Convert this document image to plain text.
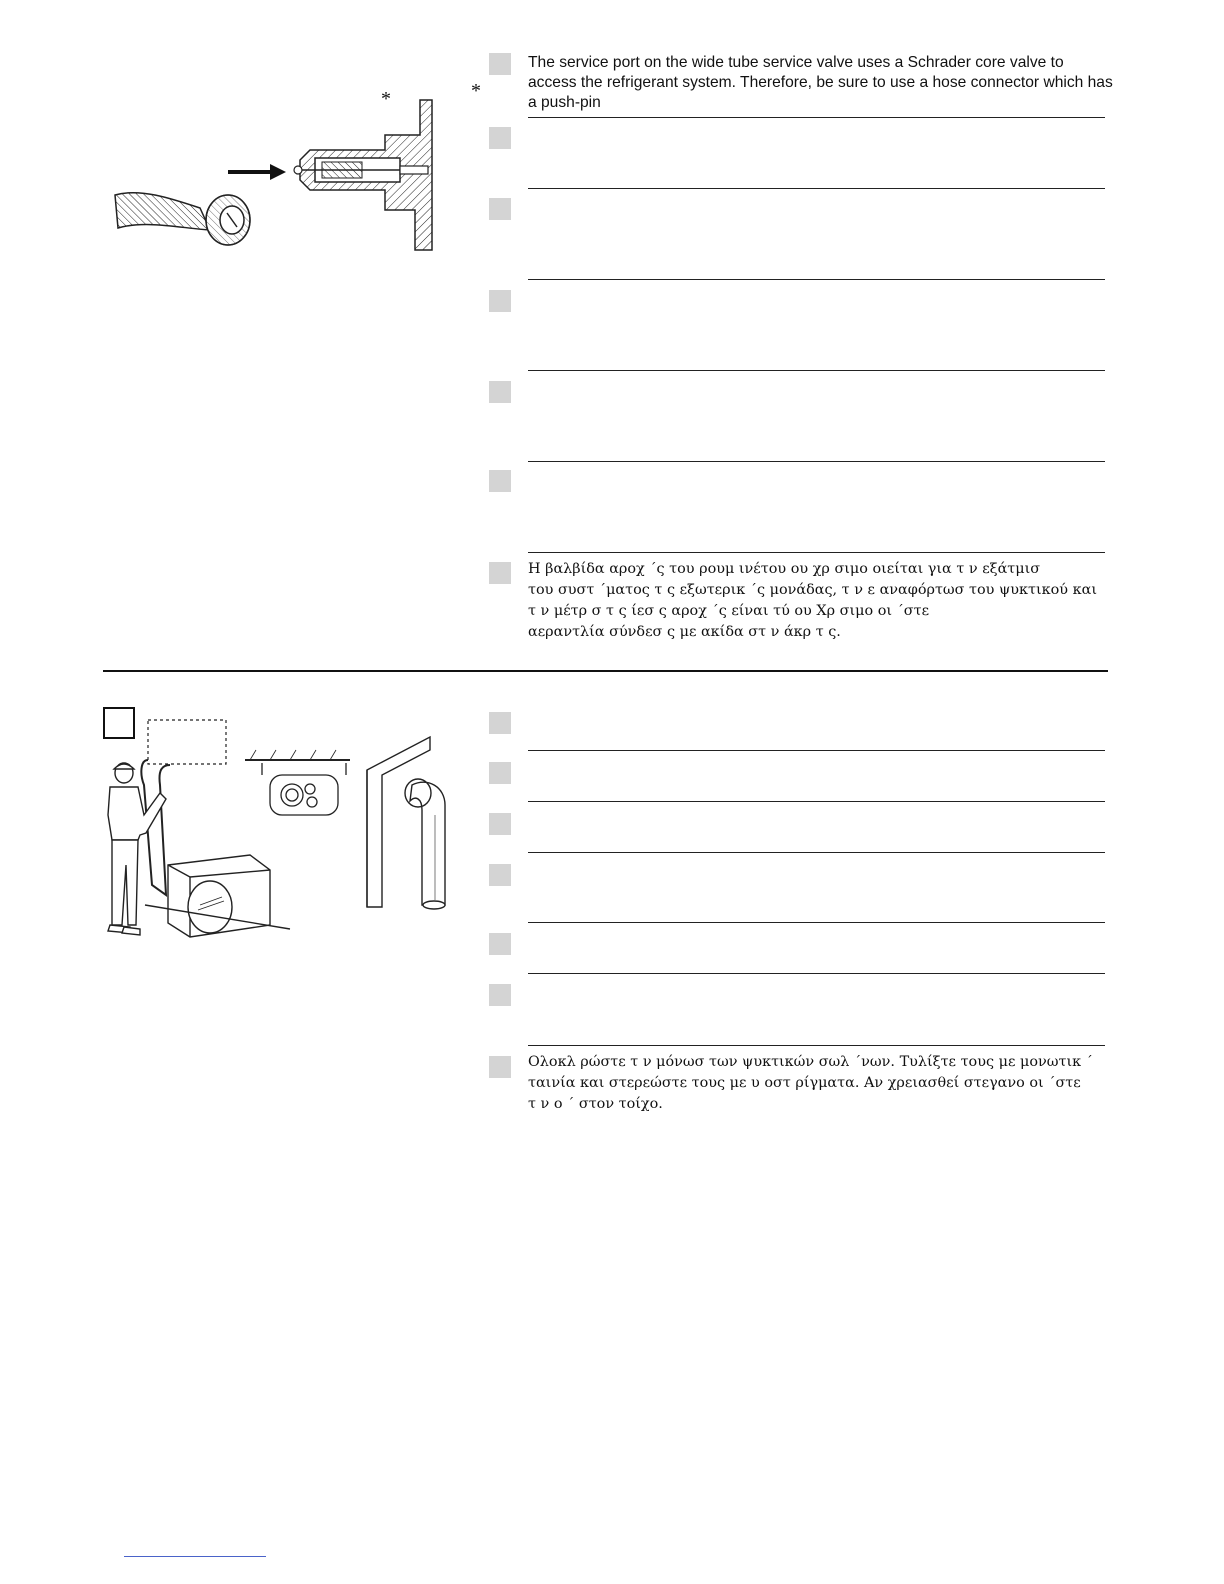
*	*
The service port on the wide tube service valve uses a Schrader core valve to access the refrigerant system. Therefore, be sure to use a hose connector which has a push-pin
Η βαλβίδα αροχ ΄ς του ρουμ ινέτου ου χρ σιμο οιείται για τ ν εξάτμισ
του συστ ΄ματος τ ς εξωτερικ ΄ς μονάδας, τ ν ε αναφόρτωσ του ψυκτικού και
τ ν μέτρ σ τ ς ίεσ ς αροχ ΄ς είναι τύ ου Χρ σιμο οι ΄στε
αεραντλία σύνδεσ ς με ακίδα στ ν άκρ τ ς.
Ολοκλ ρώστε τ ν μόνωσ των ψυκτικών σωλ ΄νων. Τυλίξτε τους με μονωτικ ΄
ταινία και στερεώστε τους με υ οστ ρίγματα. Αν χρειασθεί στεγανο οι ΄στε
τ ν ο ΄ στον τοίχο.
